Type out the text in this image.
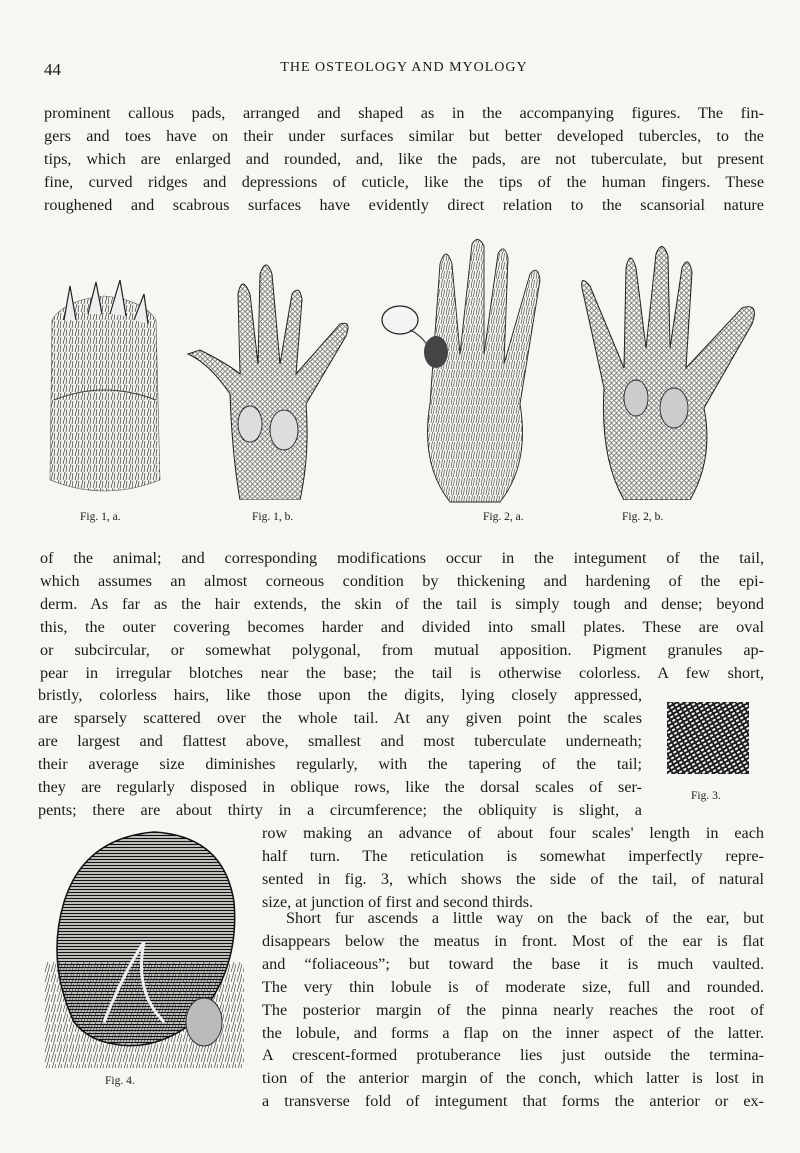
44	THE OSTEOLOGY AND MYOLOGY
prominent callous pads, arranged and shaped as in the accompanying figures. The fin-
gers and toes have on their under surfaces similar but better developed tubercles, to the
tips, which are enlarged and rounded, and, like the pads, are not tuberculate, but present
fine, curved ridges and depressions of cuticle, like the tips of the human fingers. These
roughened and scabrous surfaces have evidently direct relation to the scansorial nature
Fig. 1, a.	Fig. 1, b.	Fig. 2, a.	Fig. 2, b.
of the animal; and corresponding modifications occur in the integument of the tail,
which assumes an almost corneous condition by thickening and hardening of the epi-
derm. As far as the hair extends, the skin of the tail is simply tough and dense; beyond
this, the outer covering becomes harder and divided into small plates. These are oval
or subcircular, or somewhat polygonal, from mutual apposition. Pigment granules ap-
pear in irregular blotches near the base; the tail is otherwise colorless. A few short,
bristly, colorless hairs, like those upon the digits, lying closely appressed,
are sparsely scattered over the whole tail. At any given point the scales
are largest and flattest above, smallest and most tuberculate underneath;
their average size diminishes regularly, with the tapering of the tail;
they are regularly disposed in oblique rows, like the dorsal scales of ser-
pents; there are about thirty in a circumference; the obliquity is slight, a
Fig. 3.
row making an advance of about four scales' length in each
half turn. The reticulation is somewhat imperfectly repre-
sented in fig. 3, which shows the side of the tail, of natural
size, at junction of first and second thirds.
Fig. 4.
Short fur ascends a little way on the back of the ear, but
disappears below the meatus in front. Most of the ear is flat
and “foliaceous”; but toward the base it is much vaulted.
The very thin lobule is of moderate size, full and rounded.
The posterior margin of the pinna nearly reaches the root of
the lobule, and forms a flap on the inner aspect of the latter.
A crescent-formed protuberance lies just outside the termina-
tion of the anterior margin of the conch, which latter is lost in
a transverse fold of integument that forms the anterior or ex-
